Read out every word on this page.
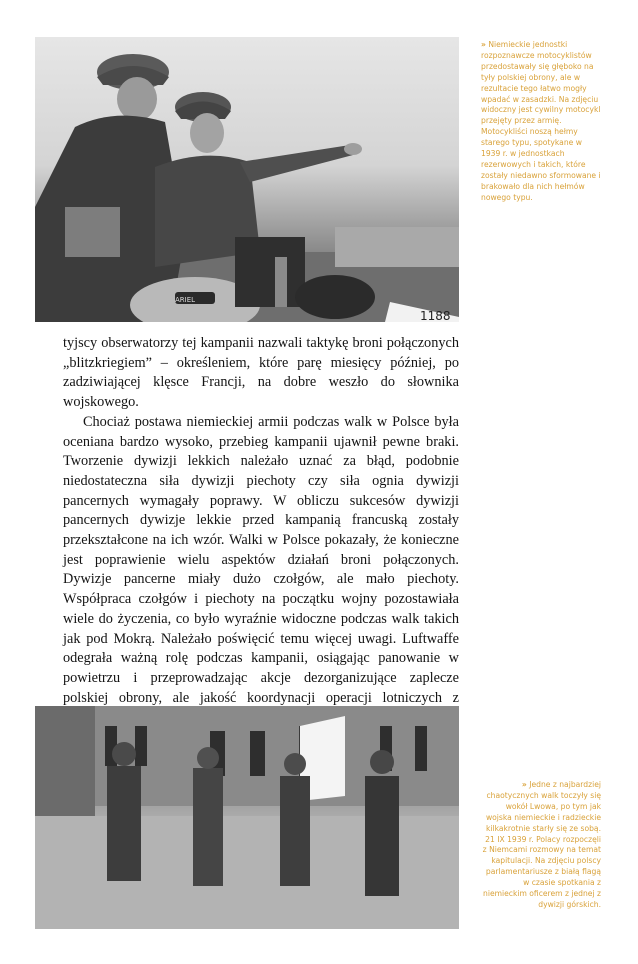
1188
ARIEL
» Niemieckie jednostki rozpoznawcze motocyklistów przedostawały się głęboko na tyły polskiej obrony, ale w rezultacie tego łatwo mogły wpadać w zasadzki. Na zdjęciu widoczny jest cywilny motocykl przejęty przez armię. Motocykliści noszą hełmy starego typu, spotykane w 1939 r. w jednostkach rezerwowych i takich, które zostały niedawno sformowane i brakowało dla nich hełmów nowego typu.

tyjscy obserwatorzy tej kampanii nazwali taktykę broni połączonych „blitzkriegiem” – określeniem, które parę miesięcy później, po zadziwiającej klęsce Francji, na dobre weszło do słownika wojskowego.

Chociaż postawa niemieckiej armii podczas walk w Polsce była oceniana bardzo wysoko, przebieg kampanii ujawnił pewne braki. Tworzenie dywizji lekkich należało uznać za błąd, podobnie niedostateczna siła dywizji piechoty czy siła ognia dywizji pancernych wymagały poprawy. W obliczu sukcesów dywizji pancernych dywizje lekkie przed kampanią francuską zostały przekształcone na ich wzór. Walki w Polsce pokazały, że konieczne jest poprawienie wielu aspektów działań broni połączonych. Dywizje pancerne miały dużo czołgów, ale mało piechoty. Współpraca czołgów i piechoty na początku wojny pozostawiała wiele do życzenia, co było wyraźnie widoczne podczas walk takich jak pod Mokrą. Należało poświęcić temu więcej uwagi. Luftwaffe odegrała ważną rolę podczas kampanii, osiągając panowanie w powietrzu i przeprowadzając akcje dezorganizujące zaplecze polskiej obrony, ale jakość koordynacji operacji lotniczych z

» Jedne z najbardziej chaotycznych walk toczyły się wokół Lwowa, po tym jak wojska niemieckie i radzieckie kilkakrotnie starły się ze sobą. 21 IX 1939 r. Polacy rozpoczęli z Niemcami rozmowy na temat kapitulacji. Na zdjęciu polscy parlamentariusze z białą flagą w czasie spotkania z niemieckim oficerem z jednej z dywizji górskich.
